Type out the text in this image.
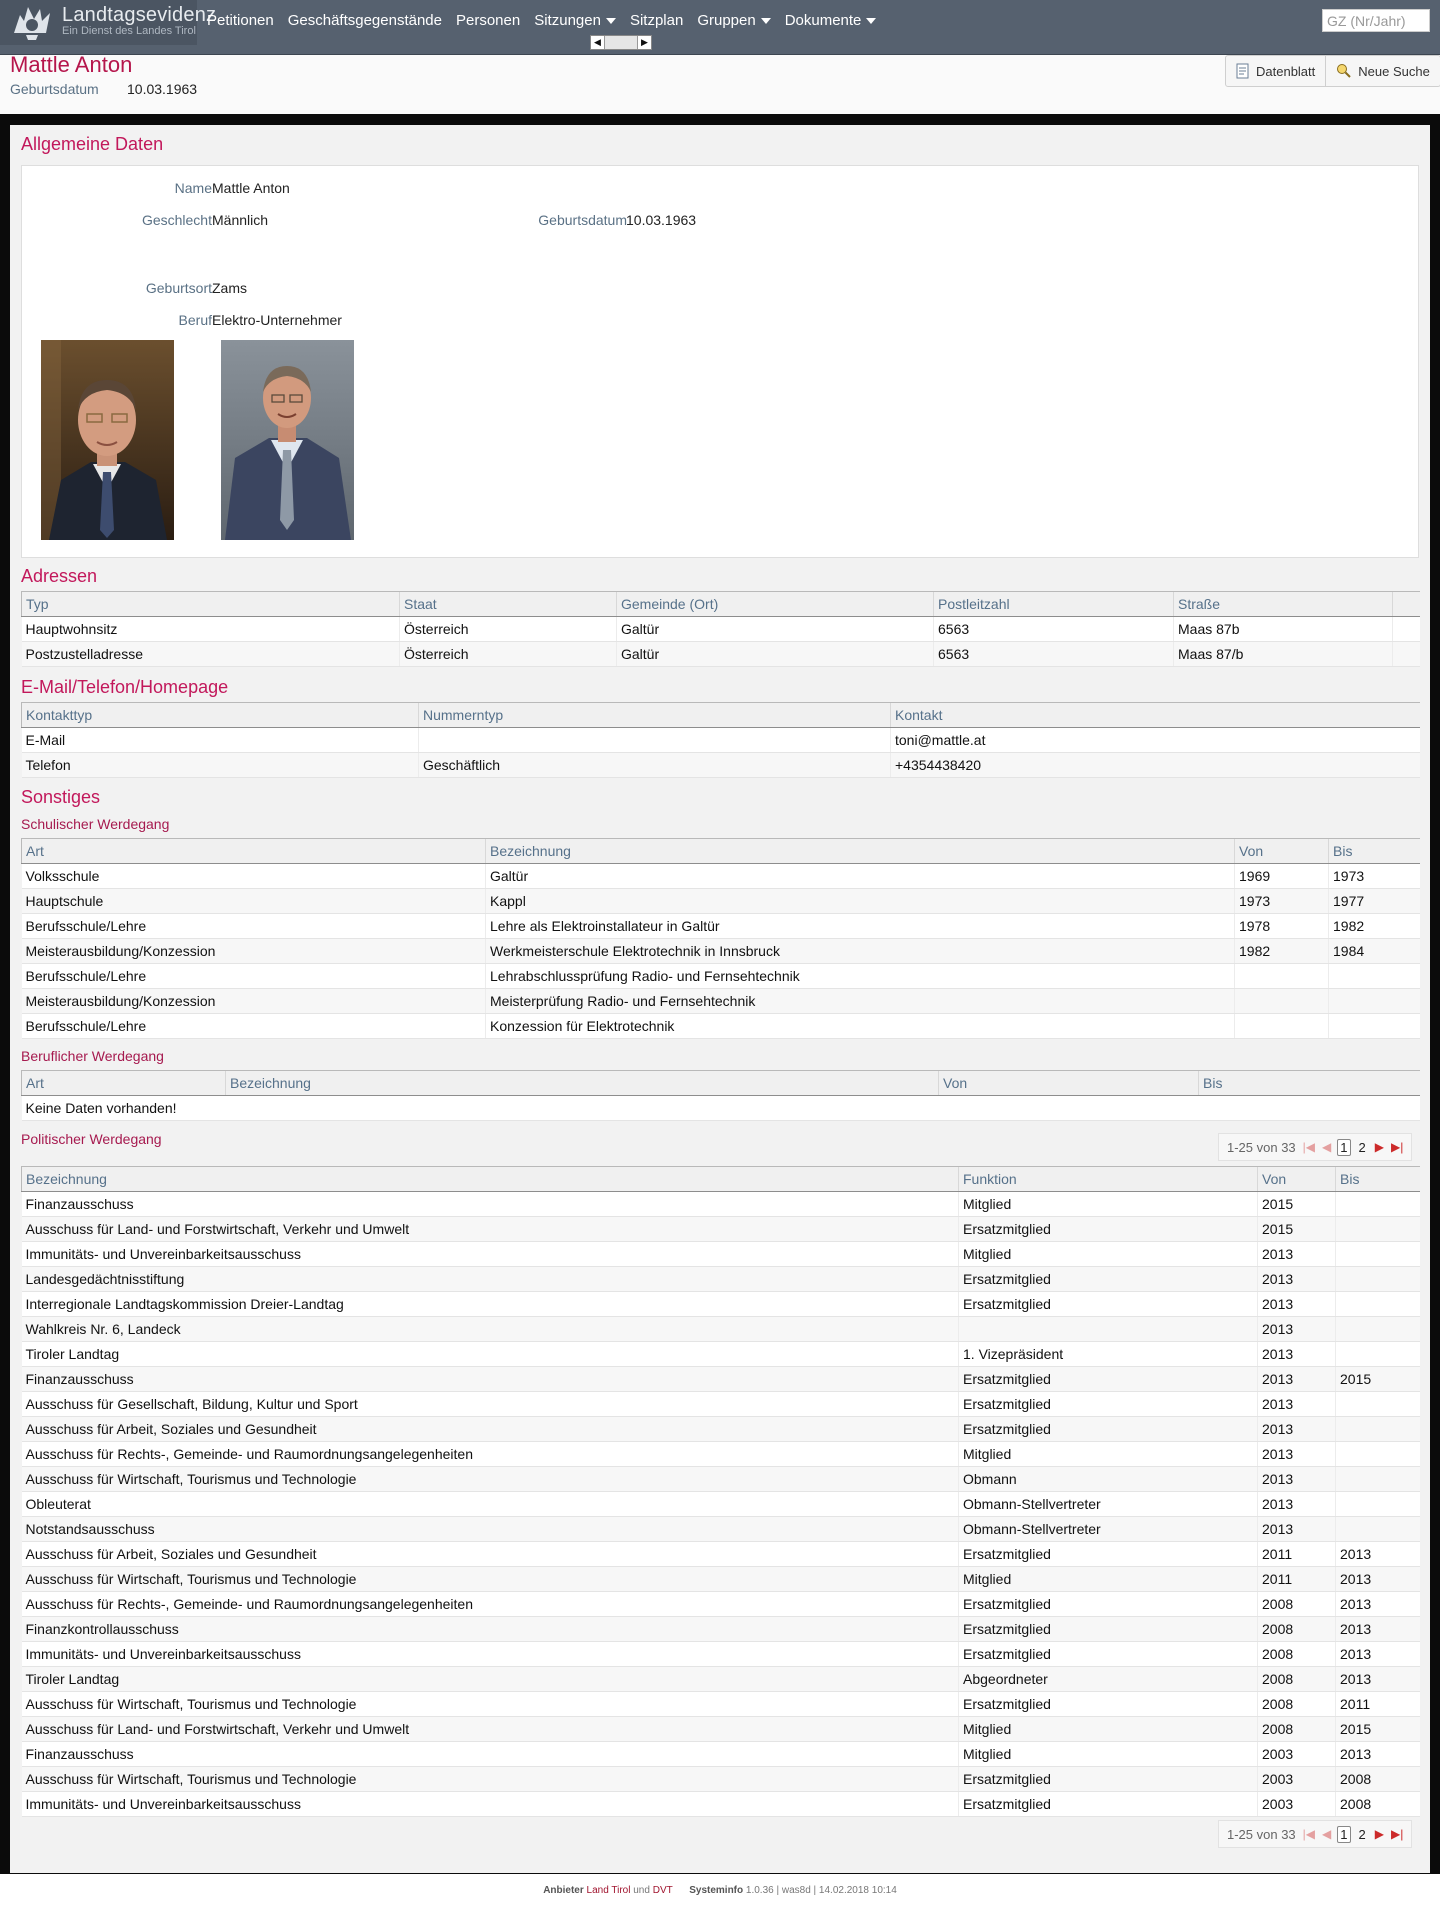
Landtagsevidenz
Ein Dienst des Landes Tirol
Petitionen Geschäftsgegenstände Personen Sitzungen	Sitzplan Gruppen	Dokumente
◀	▶
GZ (Nr/Jahr)
Mattle Anton
Geburtsdatum 10.03.1963
Datenblatt	Neue Suche
Allgemeine Daten
Name Mattle Anton
Geschlecht Männlich	Geburtsdatum 10.03.1963
Geburtsort Zams
Beruf Elektro-Unternehmer
Adressen
Typ	Staat	Gemeinde (Ort)	Postleitzahl	Straße	
Hauptwohnsitz	Österreich	Galtür	6563	Maas 87b	
Postzustelladresse	Österreich	Galtür	6563	Maas 87/b	
E-Mail/Telefon/Homepage
Kontakttyp	Nummerntyp	Kontakt
E-Mail		toni@mattle.at
Telefon	Geschäftlich	+4354438420
Sonstiges
Schulischer Werdegang
Art	Bezeichnung	Von	Bis
Volksschule	Galtür	1969	1973
Hauptschule	Kappl	1973	1977
Berufsschule/Lehre	Lehre als Elektroinstallateur in Galtür	1978	1982
Meisterausbildung/Konzession	Werkmeisterschule Elektrotechnik in Innsbruck	1982	1984
Berufsschule/Lehre	Lehrabschlussprüfung Radio- und Fernsehtechnik		
Meisterausbildung/Konzession	Meisterprüfung Radio- und Fernsehtechnik		
Berufsschule/Lehre	Konzession für Elektrotechnik		
Beruflicher Werdegang
Art	Bezeichnung	Von	Bis
Keine Daten vorhanden!
Politischer Werdegang	1-25 von 33 |◀ ◀ 1 2 ▶ ▶|
Bezeichnung	Funktion	Von	Bis
Finanzausschuss	Mitglied	2015	
Ausschuss für Land- und Forstwirtschaft, Verkehr und Umwelt	Ersatzmitglied	2015	
Immunitäts- und Unvereinbarkeitsausschuss	Mitglied	2013	
Landesgedächtnisstiftung	Ersatzmitglied	2013	
Interregionale Landtagskommission Dreier-Landtag	Ersatzmitglied	2013	
Wahlkreis Nr. 6, Landeck		2013	
Tiroler Landtag	1. Vizepräsident	2013	
Finanzausschuss	Ersatzmitglied	2013	2015
Ausschuss für Gesellschaft, Bildung, Kultur und Sport	Ersatzmitglied	2013	
Ausschuss für Arbeit, Soziales und Gesundheit	Ersatzmitglied	2013	
Ausschuss für Rechts-, Gemeinde- und Raumordnungsangelegenheiten	Mitglied	2013	
Ausschuss für Wirtschaft, Tourismus und Technologie	Obmann	2013	
Obleuterat	Obmann-Stellvertreter	2013	
Notstandsausschuss	Obmann-Stellvertreter	2013	
Ausschuss für Arbeit, Soziales und Gesundheit	Ersatzmitglied	2011	2013
Ausschuss für Wirtschaft, Tourismus und Technologie	Mitglied	2011	2013
Ausschuss für Rechts-, Gemeinde- und Raumordnungsangelegenheiten	Ersatzmitglied	2008	2013
Finanzkontrollausschuss	Ersatzmitglied	2008	2013
Immunitäts- und Unvereinbarkeitsausschuss	Ersatzmitglied	2008	2013
Tiroler Landtag	Abgeordneter	2008	2013
Ausschuss für Wirtschaft, Tourismus und Technologie	Ersatzmitglied	2008	2011
Ausschuss für Land- und Forstwirtschaft, Verkehr und Umwelt	Mitglied	2008	2015
Finanzausschuss	Mitglied	2003	2013
Ausschuss für Wirtschaft, Tourismus und Technologie	Ersatzmitglied	2003	2008
Immunitäts- und Unvereinbarkeitsausschuss	Ersatzmitglied	2003	2008
1-25 von 33 |◀ ◀ 1 2 ▶ ▶|
Anbieter Land Tirol und DVT Systeminfo 1.0.36 | was8d | 14.02.2018 10:14
